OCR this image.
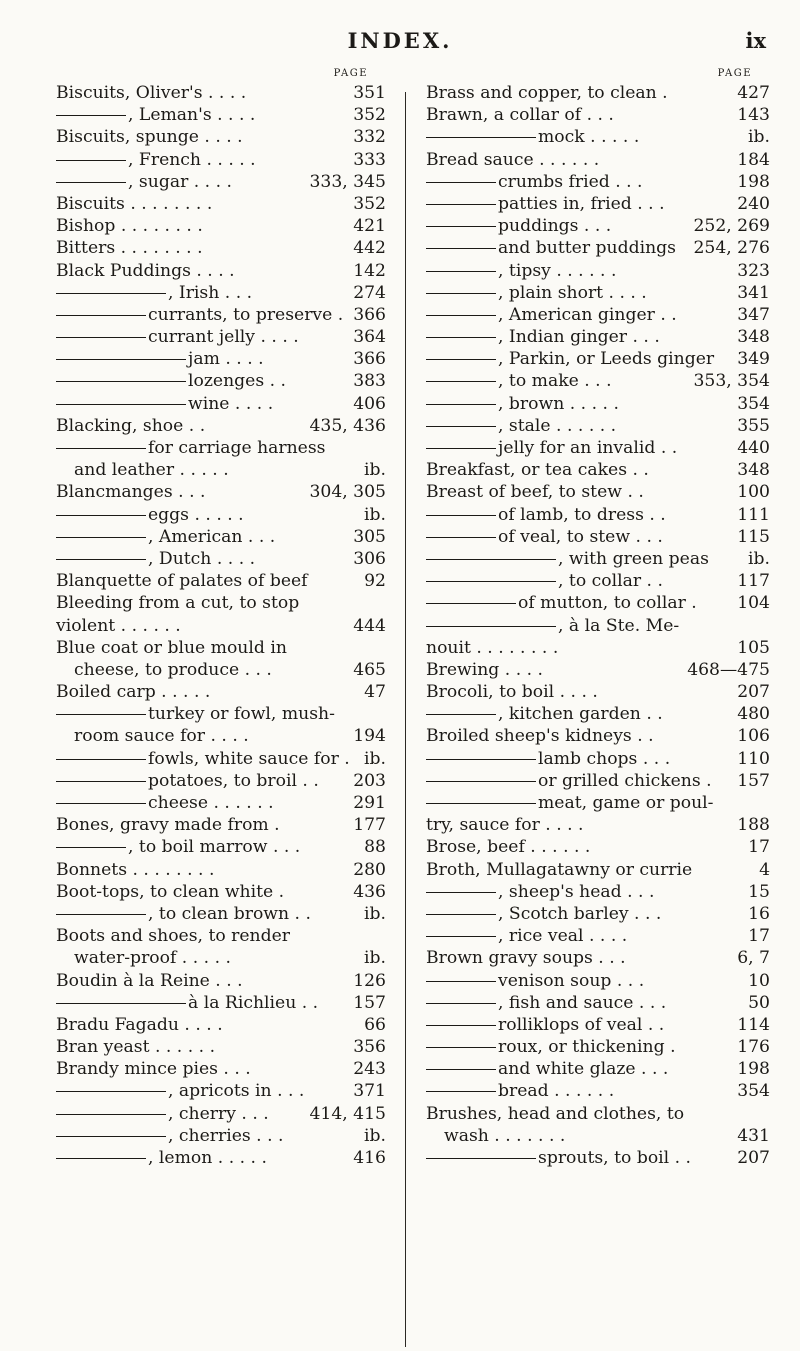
INDEX.	ix
PAGE
Biscuits, Oliver's . . . .	351
, Leman's . . . .	352
Biscuits, spunge . . . .	332
, French . . . . .	333
, sugar . . . .	333, 345
Biscuits . . . . . . . .	352
Bishop . . . . . . . .	421
Bitters . . . . . . . .	442
Black Puddings . . . .	142
, Irish . . .	274
currants, to preserve . 366
currant jelly . . . .	364
jam . . . .	366
lozenges . .	383
wine . . . .	406
Blacking, shoe . .	435, 436
for carriage harness
and leather . . . . .	ib.
Blancmanges . . .	304, 305
eggs . . . . .	ib.
, American . . .	305
, Dutch . . . .	306
Blanquette of palates of beef	92
Bleeding from a cut, to stop
violent . . . . . .	444
Blue coat or blue mould in
cheese, to produce . . .	465
Boiled carp . . . . .	47
turkey or fowl, mush-
room sauce for . . . .	194
fowls, white sauce for . ib.
potatoes, to broil . . 203
cheese . . . . . .	291
Bones, gravy made from .	177
, to boil marrow . . .	88
Bonnets . . . . . . . .	280
Boot-tops, to clean white .	436
, to clean brown . .	ib.
Boots and shoes, to render
water-proof . . . . .	ib.
Boudin à la Reine . . .	126
à la Richlieu . . 157
Bradu Fagadu . . . .	66
Bran yeast . . . . . .	356
Brandy mince pies . . .	243
, apricots in . . .	371
, cherry . . . 414, 415
, cherries . . .	ib.
, lemon . . . . .	416
PAGE
Brass and copper, to clean .	427
Brawn, a collar of . . .	143
mock . . . . .	ib.
Bread sauce . . . . . .	184
crumbs fried . . .	198
patties in, fried . . .	240
puddings . . .	252, 269
and butter puddings 254, 276
, tipsy . . . . . .	323
, plain short . . . .	341
, American ginger . .	347
, Indian ginger . . .	348
, Parkin, or Leeds ginger 349
, to make . . .	353, 354
, brown . . . . .	354
, stale . . . . . .	355
jelly for an invalid . .	440
Breakfast, or tea cakes . .	348
Breast of beef, to stew . .	100
of lamb, to dress . .	111
of veal, to stew . . .	115
, with green peas ib.
, to collar . .	117
of mutton, to collar . 104
, à la Ste. Me-
nouit . . . . . . . .	105
Brewing . . . .	468—475
Brocoli, to boil . . . .	207
, kitchen garden . .	480
Broiled sheep's kidneys . .	106
lamb chops . . .	110
or grilled chickens . 157
meat, game or poul-
try, sauce for . . . .	188
Brose, beef . . . . . .	17
Broth, Mullagatawny or currie	4
, sheep's head . . .	15
, Scotch barley . . .	16
, rice veal . . . .	17
Brown gravy soups . . .	6, 7
venison soup . . .	10
, fish and sauce . . .	50
rolliklops of veal . .	114
roux, or thickening .	176
and white glaze . . .	198
bread . . . . . .	354
Brushes, head and clothes, to
wash . . . . . . .	431
sprouts, to boil . .	207
